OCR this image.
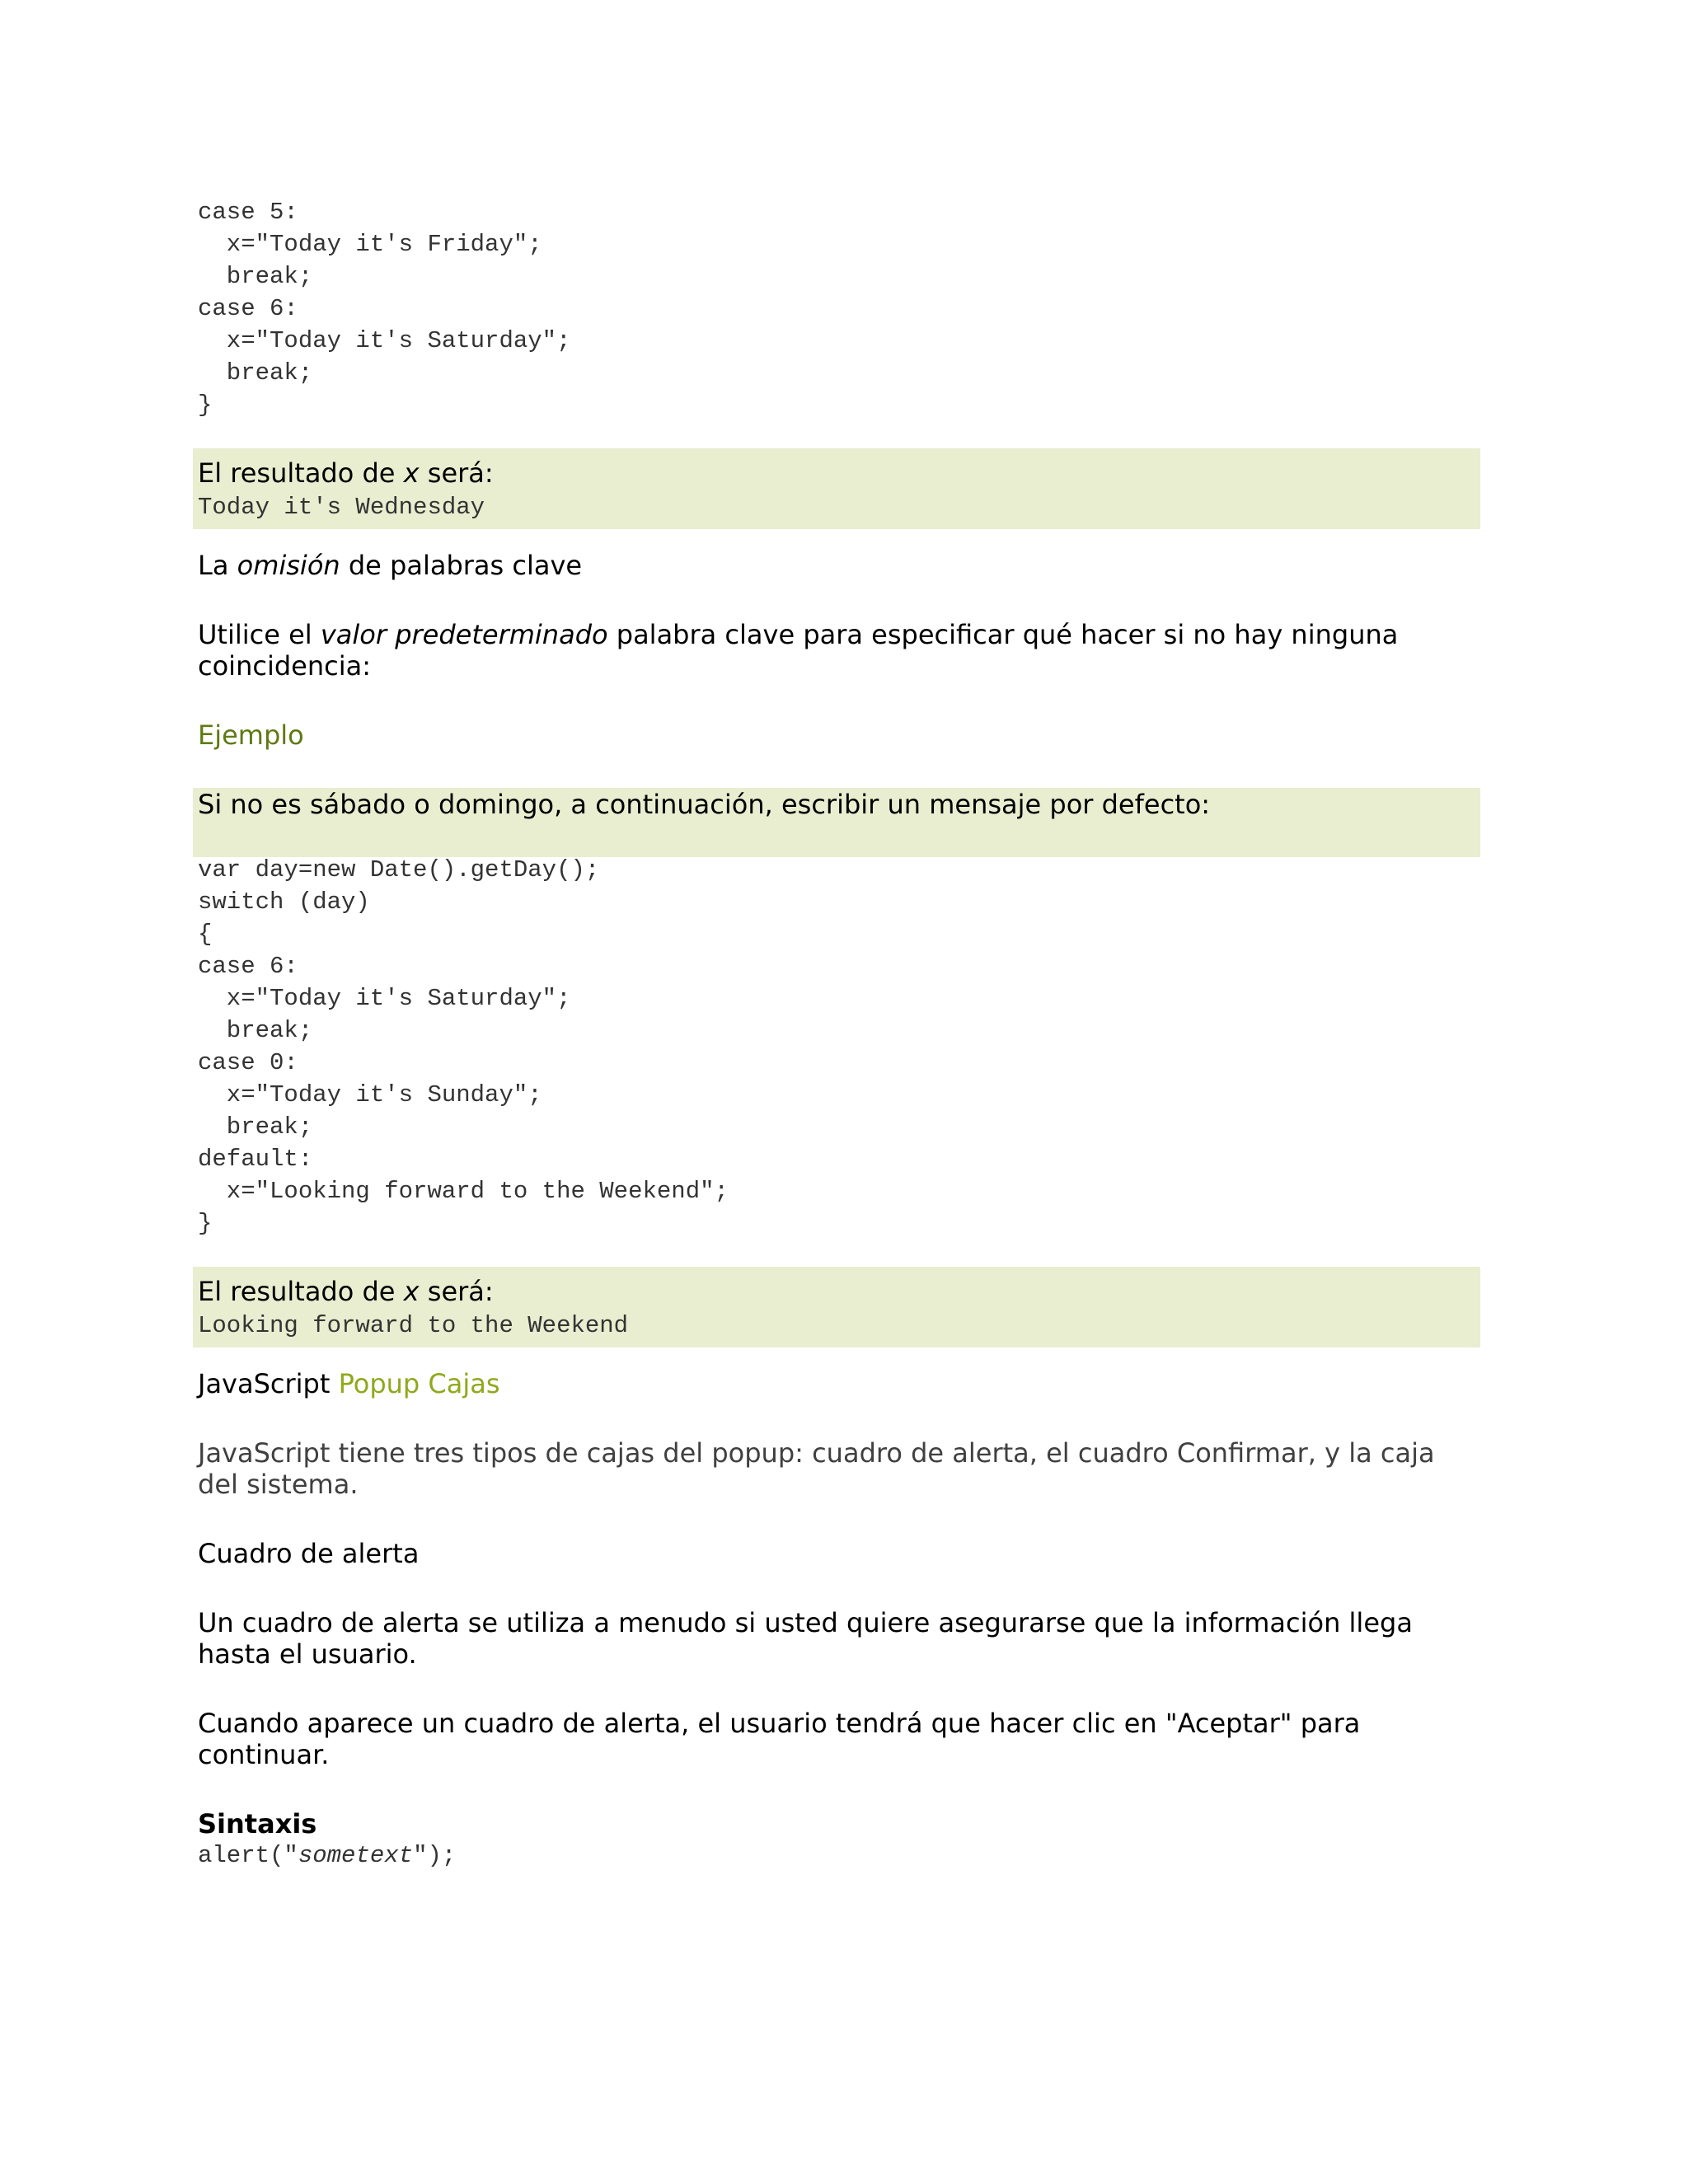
case 5:
x="Today it's Friday";
break;
case 6:
x="Today it's Saturday";
break;
}
El resultado de x será:
Today it's Wednesday

La omisión de palabras clave

Utilice el valor predeterminado palabra clave para especificar qué hacer si no hay ninguna coincidencia:

Ejemplo

Si no es sábado o domingo, a continuación, escribir un mensaje por defecto:
var day=new Date().getDay();
switch (day)
{
case 6:
x="Today it's Saturday";
break;
case 0:
x="Today it's Sunday";
break;
default:
x="Looking forward to the Weekend";
}
El resultado de x será:
Looking forward to the Weekend

JavaScript Popup Cajas

JavaScript tiene tres tipos de cajas del popup: cuadro de alerta, el cuadro Confirmar, y la caja del sistema.

Cuadro de alerta

Un cuadro de alerta se utiliza a menudo si usted quiere asegurarse que la información llega hasta el usuario.

Cuando aparece un cuadro de alerta, el usuario tendrá que hacer clic en "Aceptar" para continuar.

Sintaxis

alert("sometext");
